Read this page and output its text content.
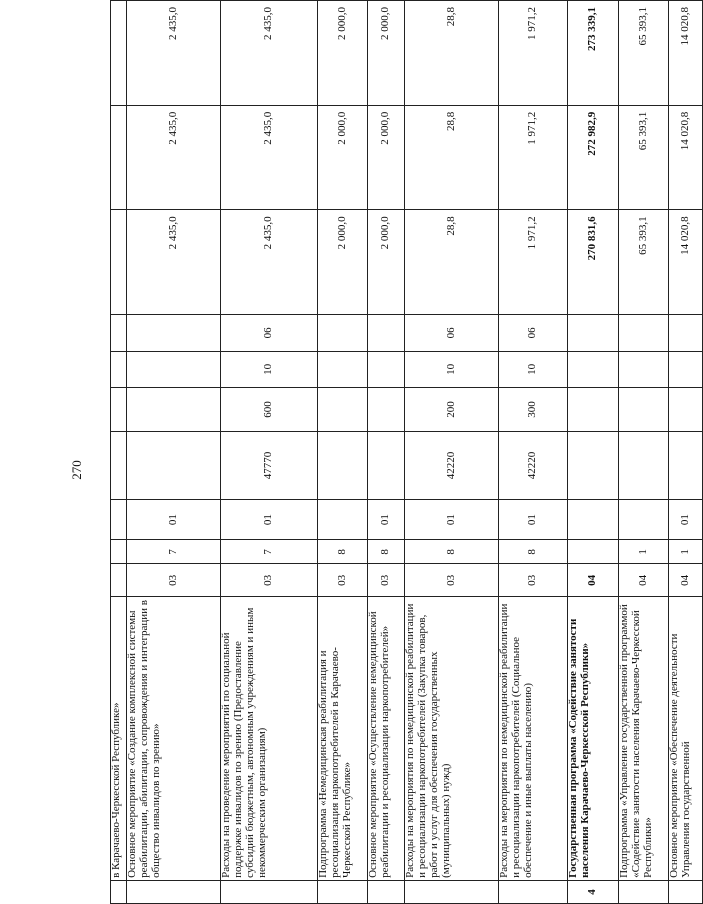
270
	в Карачаево-Черкесской Республике»										
	Основное мероприятие «Создание комплексной системы реабилитации, абилитации, сопровождения и интеграции в общество инвалидов по зрению»	03	7	01					2 435,0	2 435,0	2 435,0
	Расходы на проведение мероприятий по социальной поддержке инвалидов по зрению (Предоставление субсидий бюджетным, автономным учреждениям и иным некоммерческим организациям)	03	7	01	47770	600	10	06	2 435,0	2 435,0	2 435,0
	Подпрограмма «Немедицинская реабилитация и ресоциализация наркопотребителей в Карачаево-Черкесской Республике»	03	8						2 000,0	2 000,0	2 000,0
	Основное мероприятие «Осуществление немедицинской реабилитации и ресоциализации наркопотребителей»	03	8	01					2 000,0	2 000,0	2 000,0
	Расходы на мероприятия по немедицинской реабилитации и ресоциализации наркопотребителей (Закупка товаров, работ и услуг для обеспечения государственных (муниципальных) нужд)	03	8	01	42220	200	10	06	28,8	28,8	28,8
	Расходы на мероприятия по немедицинской реабилитации и ресоциализации наркопотребителей (Социальное обеспечение и иные выплаты населению)	03	8	01	42220	300	10	06	1 971,2	1 971,2	1 971,2
4	Государственная программа «Содействие занятости населения Карачаево-Черкесской Республики»	04							270 831,6	272 982,9	273 339,1
	Подпрограмма «Управление государственной программой «Содействие занятости населения Карачаево-Черкесской Республики»	04	1						65 393,1	65 393,1	65 393,1
	Основное мероприятие «Обеспечение деятельности Управления государственной	04	1	01					14 020,8	14 020,8	14 020,8
